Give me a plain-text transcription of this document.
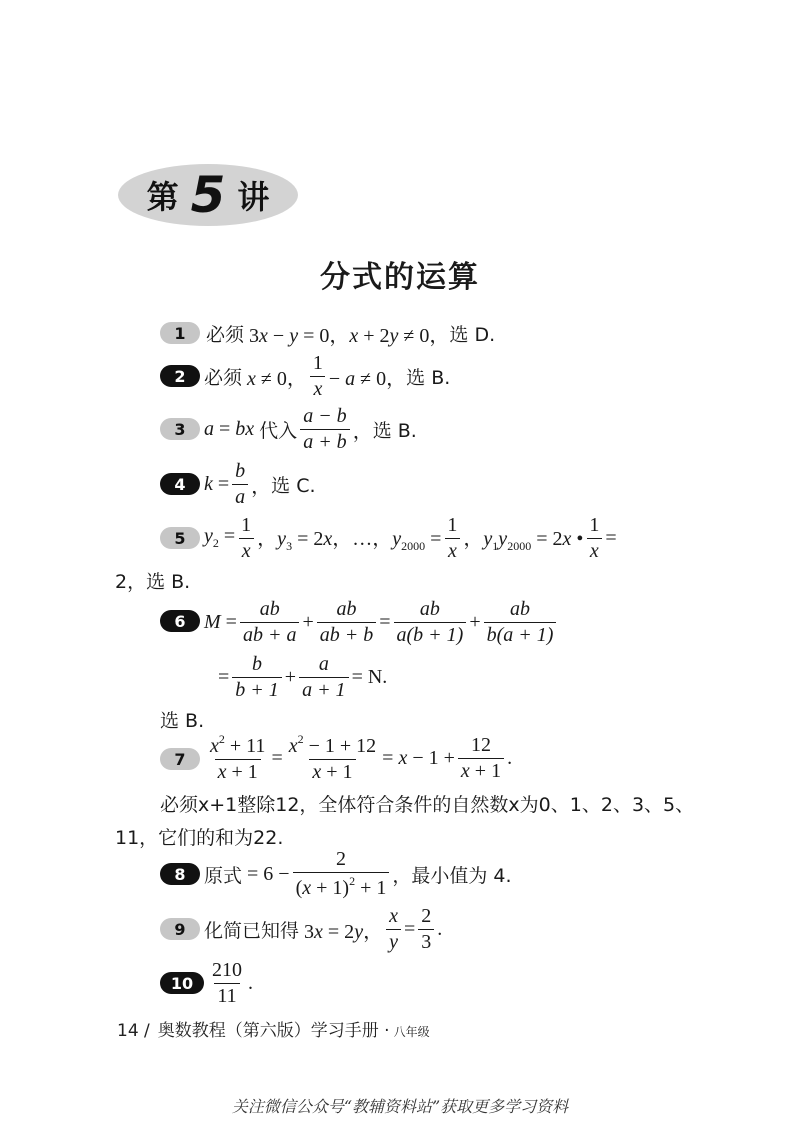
第 5 讲
分式的运算
1	必须 3x − y = 0，x + 2y ≠ 0， 选 D.
2 必须 x ≠ 0， $\frac{1}{x} - a \ne 0$， 选 B.
3 a = bx 代入 $\frac{a - b}{a + b}$ ， 选 B.
4 $k = \frac{b}{a}$ ， 选 C.
5 $y_2 = \frac{1}{x}$ ，$y_3 = 2x$，…，$y_{2000} = \frac{1}{x}$ ，$y_1y_{2000} = 2x$ • $\frac{1}{x}$ =
2，选 B.
6 $M = \frac{ab}{ab + a} + \frac{ab}{ab + b} = \frac{ab}{a(b + 1)} + \frac{ab}{b(a + 1)}$
= $\frac{b}{b + 1} + \frac{a}{a + 1} = N$.
选 B.
7	$\frac{x^2 + 11}{x + 1} = \frac{x^2 - 1 + 12}{x + 1} = x - 1 + \frac{12}{x + 1}$ .
必须x+1整除12，全体符合条件的自然数x为0、1、2、3、5、
11，它们的和为22.
8 原式 = $6 - \frac{2}{(x + 1)^2 + 1}$ ，最小值为 4.
9 化简已知得 3x = 2y， $\frac{x}{y} = \frac{2}{3}$ .
$10 \frac{210}{11}$ .
14 / 奥数教程（第六版）学习手册 · 八年级
关注微信公众号“教辅资料站”获取更多学习资料
